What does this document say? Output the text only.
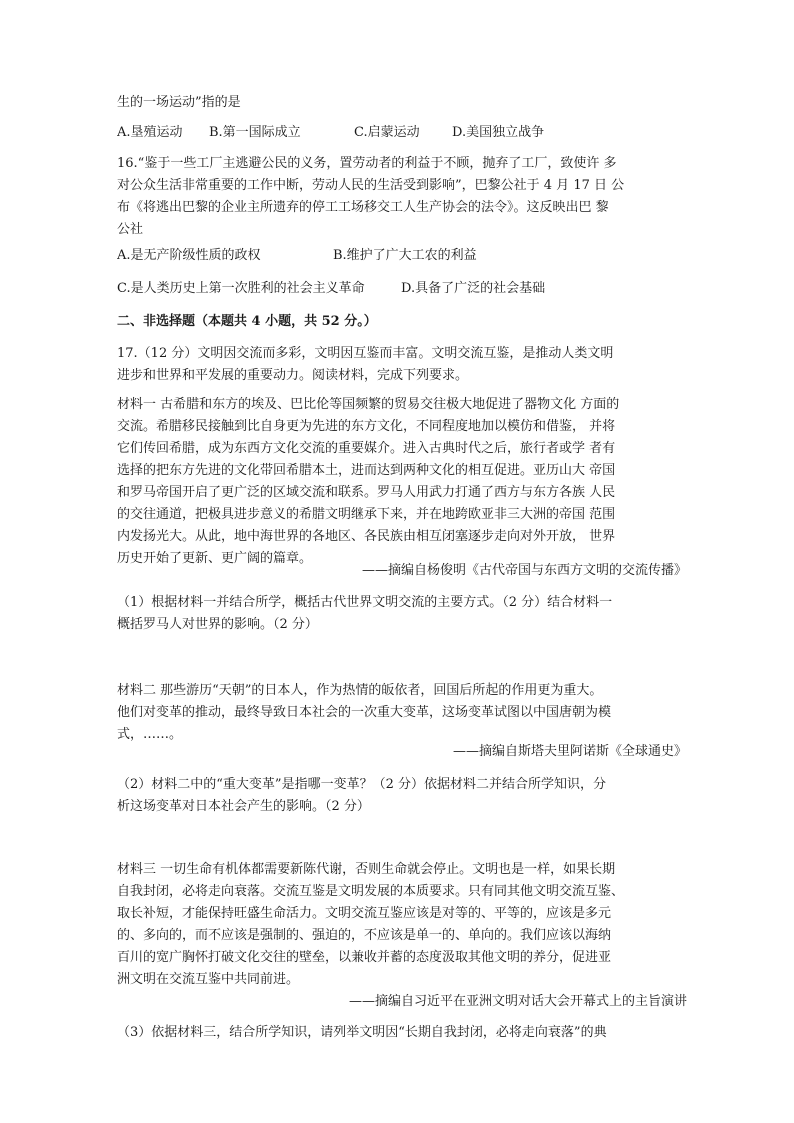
生的一场运动”指的是
A.垦殖运动	B.第一国际成立	C.启蒙运动	D.美国独立战争
16.“鉴于一些工厂主逃避公民的义务，置劳动者的利益于不顾，抛弃了工厂，致使许 多
对公众生活非常重要的工作中断，劳动人民的生活受到影响”，巴黎公社于 4 月 17 日 公
布《将逃出巴黎的企业主所遗弃的停工工场移交工人生产协会的法令》。这反映出巴 黎
公社
A.是无产阶级性质的政权	B.维护了广大工农的利益
C.是人类历史上第一次胜利的社会主义革命	D.具备了广泛的社会基础
二、非选择题（本题共 4 小题，共 52 分。）
17.（12 分）文明因交流而多彩，文明因互鉴而丰富。文明交流互鉴，是推动人类文明
进步和世界和平发展的重要动力。阅读材料，完成下列要求。
材料一 古希腊和东方的埃及、巴比伦等国频繁的贸易交往极大地促进了器物文化 方面的
交流。希腊移民接触到比自身更为先进的东方文化，不同程度地加以模仿和借鉴， 并将
它们传回希腊，成为东西方文化交流的重要媒介。进入古典时代之后，旅行者或学 者有
选择的把东方先进的文化带回希腊本土，进而达到两种文化的相互促进。亚历山大 帝国
和罗马帝国开启了更广泛的区域交流和联系。罗马人用武力打通了西方与东方各族 人民
的交往通道，把极具进步意义的希腊文明继承下来，并在地跨欧亚非三大洲的帝国 范围
内发扬光大。从此，地中海世界的各地区、各民族由相互闭塞逐步走向对外开放， 世界
历史开始了更新、更广阔的篇章。
——摘编自杨俊明《古代帝国与东西方文明的交流传播》
（1）根据材料一并结合所学，概括古代世界文明交流的主要方式。（2 分）结合材料一
概括罗马人对世界的影响。（2 分）
材料二 那些游历“天朝”的日本人，作为热情的皈依者，回国后所起的作用更为重大。
他们对变革的推动，最终导致日本社会的一次重大变革，这场变革试图以中国唐朝为模
式，……。
——摘编自斯塔夫里阿诺斯《全球通史》
（2）材料二中的“重大变革”是指哪一变革？（2 分）依据材料二并结合所学知识，分
析这场变革对日本社会产生的影响。（2 分）
材料三 一切生命有机体都需要新陈代谢，否则生命就会停止。文明也是一样，如果长期
自我封闭，必将走向衰落。交流互鉴是文明发展的本质要求。只有同其他文明交流互鉴、
取长补短，才能保持旺盛生命活力。文明交流互鉴应该是对等的、平等的，应该是多元
的、多向的，而不应该是强制的、强迫的，不应该是单一的、单向的。我们应该以海纳
百川的宽广胸怀打破文化交往的壁垒，以兼收并蓄的态度汲取其他文明的养分，促进亚
洲文明在交流互鉴中共同前进。
——摘编自习近平在亚洲文明对话大会开幕式上的主旨演讲
（3）依据材料三，结合所学知识，请列举文明因“长期自我封闭，必将走向衰落”的典
